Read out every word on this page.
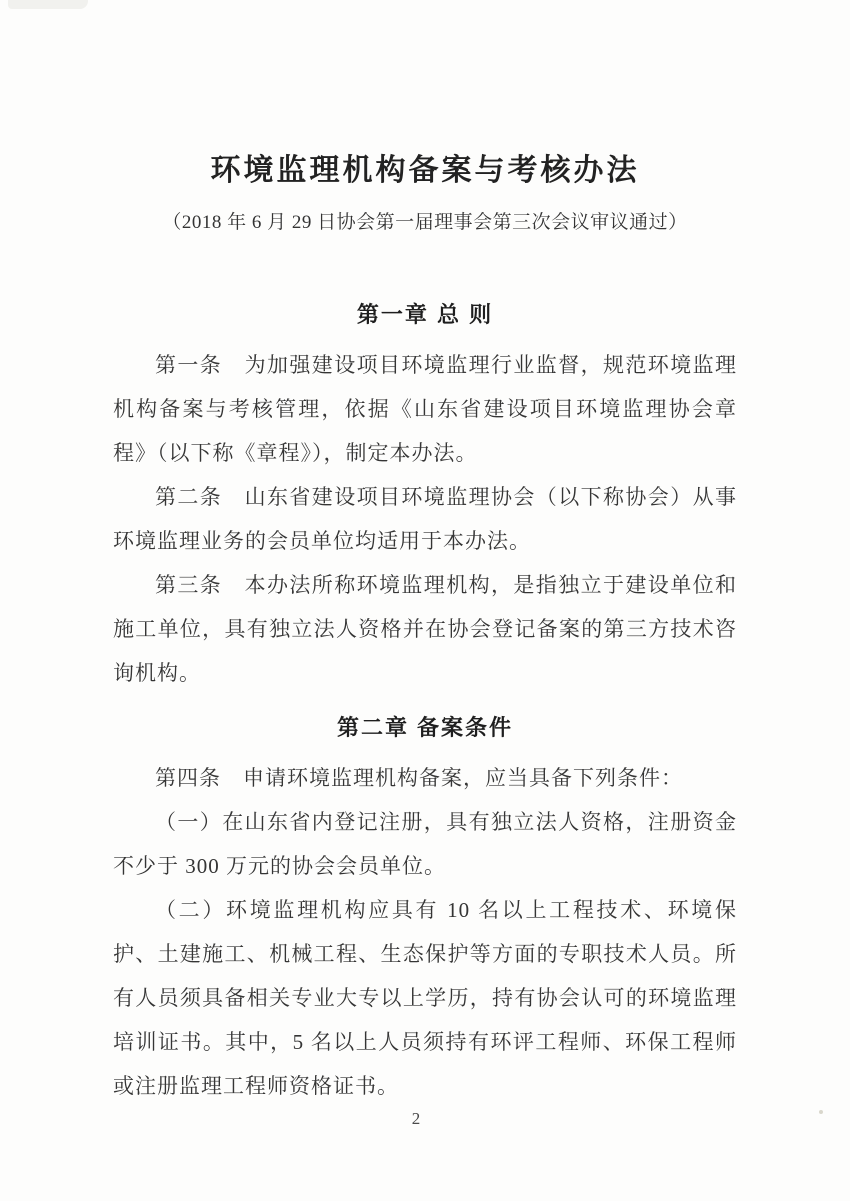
环境监理机构备案与考核办法

（2018 年 6 月 29 日协会第一届理事会第三次会议审议通过）

第一章 总 则

第一条　为加强建设项目环境监理行业监督，规范环境监理机构备案与考核管理，依据《山东省建设项目环境监理协会章程》（以下称《章程》），制定本办法。

第二条　山东省建设项目环境监理协会（以下称协会）从事环境监理业务的会员单位均适用于本办法。

第三条　本办法所称环境监理机构，是指独立于建设单位和施工单位，具有独立法人资格并在协会登记备案的第三方技术咨询机构。

第二章 备案条件

第四条　申请环境监理机构备案，应当具备下列条件：

（一）在山东省内登记注册，具有独立法人资格，注册资金不少于 300 万元的协会会员单位。

（二）环境监理机构应具有 10 名以上工程技术、环境保护、土建施工、机械工程、生态保护等方面的专职技术人员。所有人员须具备相关专业大专以上学历，持有协会认可的环境监理培训证书。其中，5 名以上人员须持有环评工程师、环保工程师或注册监理工程师资格证书。

2
